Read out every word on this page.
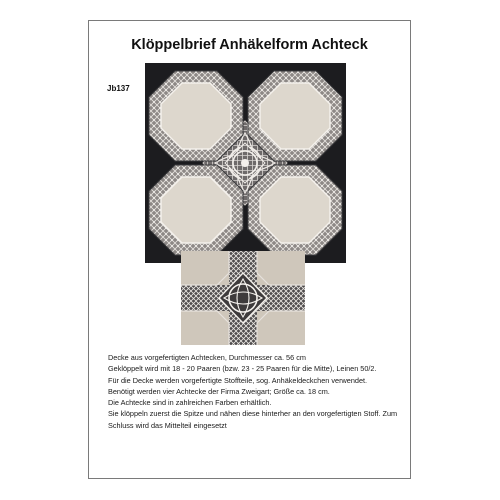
Klöppelbrief Anhäkelform Achteck
Jb137

Decke aus vorgefertigten Achtecken, Durchmesser ca. 56 cm

Geklöppelt wird mit 18 - 20 Paaren (bzw. 23 - 25 Paaren für die Mitte), Leinen 50/2.

Für die Decke werden vorgefertigte Stoffteile, sog. Anhäkeldeckchen verwendet.

Benötigt werden vier Achtecke der Firma Zweigart; Größe ca. 18 cm.

Die Achtecke sind in zahlreichen Farben erhältlich.

Sie klöppeln zuerst die Spitze und nähen diese hinterher an den vorgefertigten Stoff. Zum Schluss wird das Mittelteil eingesetzt
